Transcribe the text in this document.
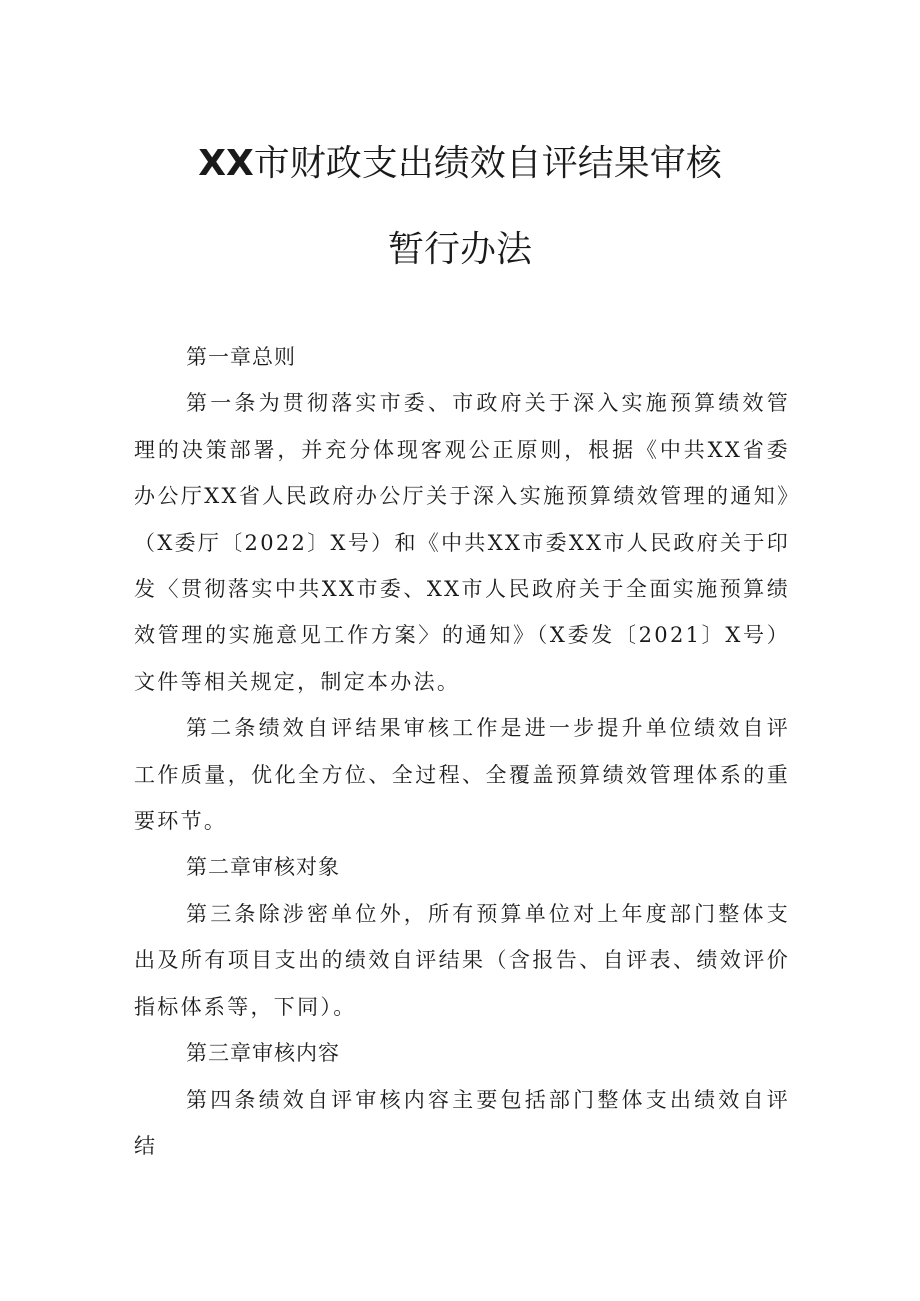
XX市财政支出绩效自评结果审核
暂行办法

第一章总则

第一条为贯彻落实市委、市政府关于深入实施预算绩效管理的决策部署，并充分体现客观公正原则，根据《中共XX省委办公厅XX省人民政府办公厅关于深入实施预算绩效管理的通知》（X委厅〔2022〕X号）和《中共XX市委XX市人民政府关于印发〈贯彻落实中共XX市委、XX市人民政府关于全面实施预算绩效管理的实施意见工作方案〉的通知》（X委发〔2021〕X号）文件等相关规定，制定本办法。

第二条绩效自评结果审核工作是进一步提升单位绩效自评工作质量，优化全方位、全过程、全覆盖预算绩效管理体系的重要环节。

第二章审核对象

第三条除涉密单位外，所有预算单位对上年度部门整体支出及所有项目支出的绩效自评结果（含报告、自评表、绩效评价指标体系等，下同）。

第三章审核内容

第四条绩效自评审核内容主要包括部门整体支出绩效自评结
